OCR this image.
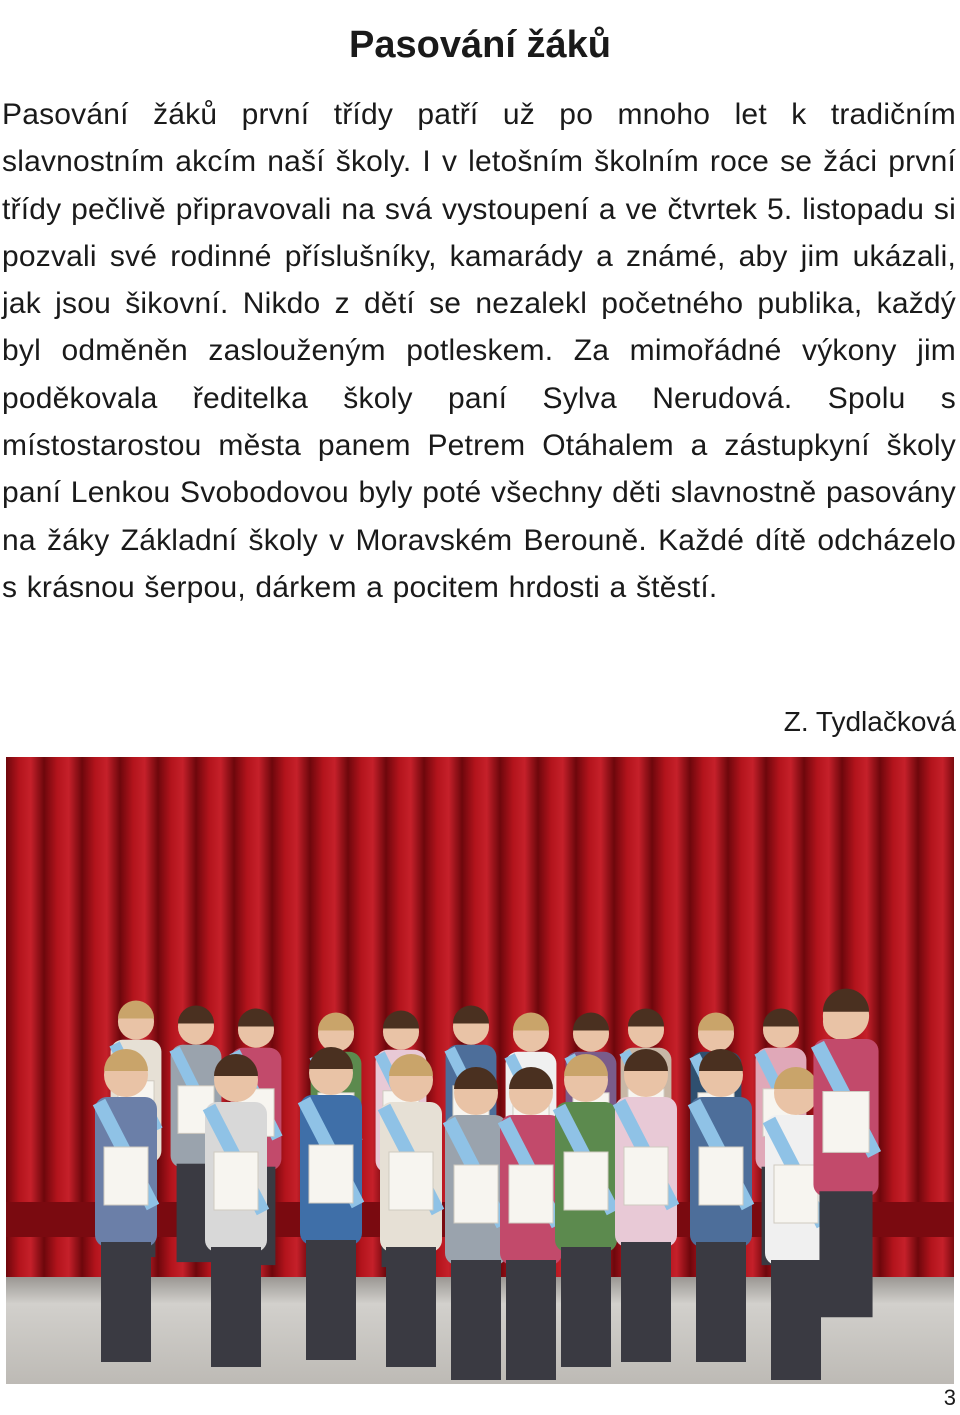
Pasování žáků

Pasování žáků první třídy patří už po mnoho let k tradičním slavnostním akcím naší školy. I v letošním školním roce se žáci první třídy pečlivě připravovali na svá vystoupení a ve čtvrtek 5. listopadu si pozvali své rodinné příslušníky, kamarády a známé, aby jim ukázali, jak jsou šikovní. Nikdo z dětí se nezalekl početného publika, každý byl odměněn zaslouženým potleskem. Za mimořádné výkony jim poděkovala ředitelka školy paní Sylva Nerudová. Spolu s místostarostou města panem Petrem Otáhalem a zástupkyní školy paní Lenkou Svobodovou byly poté všechny děti slavnostně pasovány na žáky Základní školy v Moravském Berouně. Každé dítě odcházelo s krásnou šerpou, dárkem a pocitem hrdosti a štěstí.

Z. Tydlačková
3
